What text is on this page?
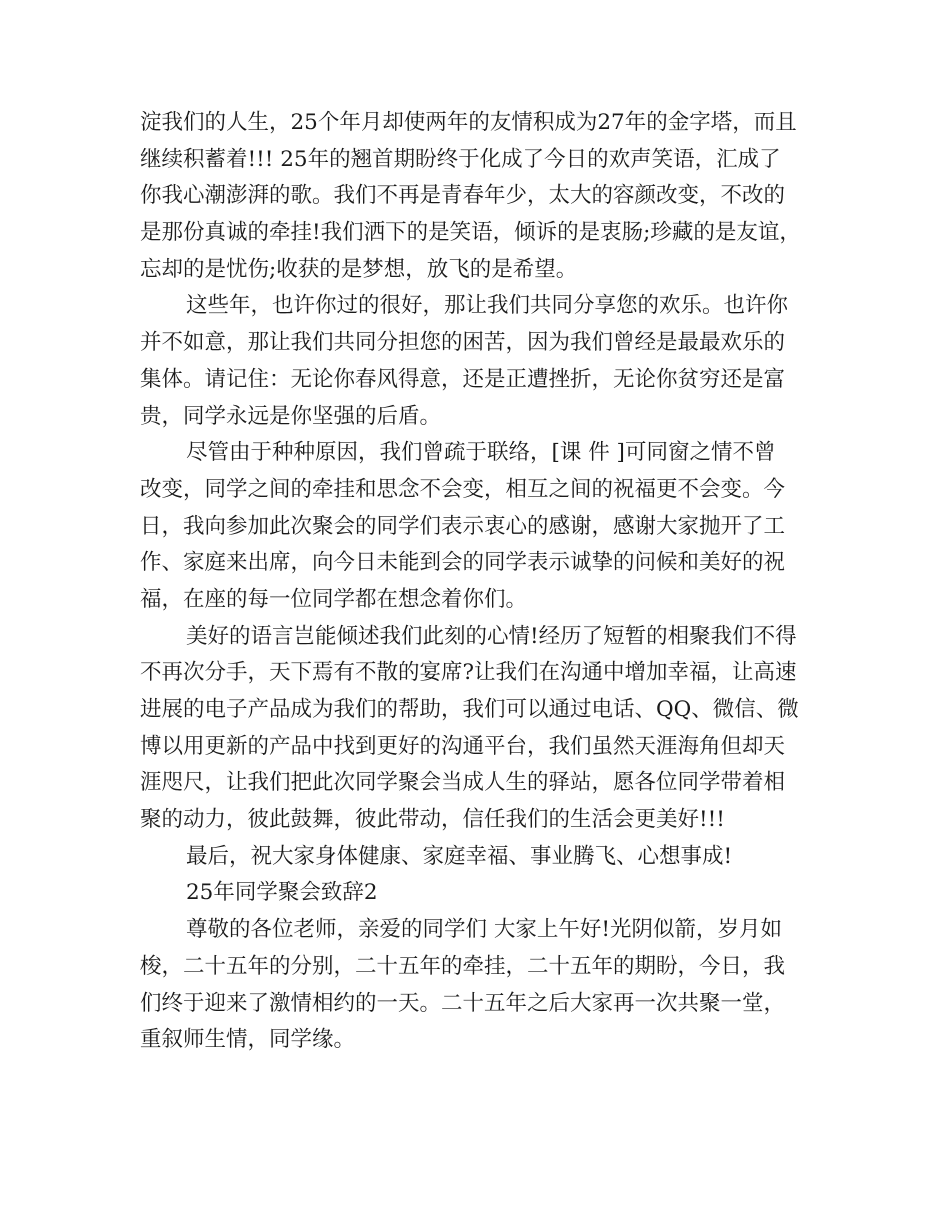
淀我们的人生，25个年月却使两年的友情积成为27年的金字塔，而且
继续积蓄着!!! 25年的翘首期盼终于化成了今日的欢声笑语，汇成了
你我心潮澎湃的歌。我们不再是青春年少，太大的容颜改变，不改的
是那份真诚的牵挂!我们洒下的是笑语，倾诉的是衷肠;珍藏的是友谊，
忘却的是忧伤;收获的是梦想，放飞的是希望。
这些年，也许你过的很好，那让我们共同分享您的欢乐。也许你
并不如意，那让我们共同分担您的困苦，因为我们曾经是最最欢乐的
集体。请记住：无论你春风得意，还是正遭挫折，无论你贫穷还是富
贵，同学永远是你坚强的后盾。
尽管由于种种原因，我们曾疏于联络，[课 件 ]可同窗之情不曾
改变，同学之间的牵挂和思念不会变，相互之间的祝福更不会变。今
日，我向参加此次聚会的同学们表示衷心的感谢，感谢大家抛开了工
作、家庭来出席，向今日未能到会的同学表示诚挚的问候和美好的祝
福，在座的每一位同学都在想念着你们。
美好的语言岂能倾述我们此刻的心情!经历了短暂的相聚我们不得
不再次分手，天下焉有不散的宴席?让我们在沟通中增加幸福，让高速
进展的电子产品成为我们的帮助，我们可以通过电话、QQ、微信、微
博以用更新的产品中找到更好的沟通平台，我们虽然天涯海角但却天
涯咫尺，让我们把此次同学聚会当成人生的驿站，愿各位同学带着相
聚的动力，彼此鼓舞，彼此带动，信任我们的生活会更美好!!!
最后，祝大家身体健康、家庭幸福、事业腾飞、心想事成!
25年同学聚会致辞2
尊敬的各位老师，亲爱的同学们 大家上午好!光阴似箭，岁月如
梭，二十五年的分别，二十五年的牵挂，二十五年的期盼，今日，我
们终于迎来了激情相约的一天。二十五年之后大家再一次共聚一堂，
重叙师生情，同学缘。
